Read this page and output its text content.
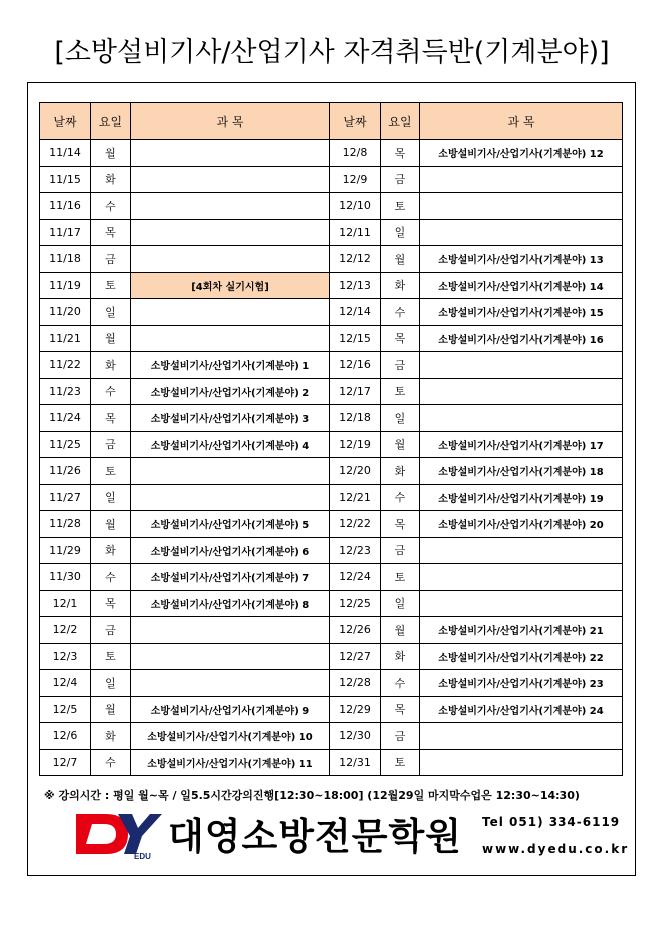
[소방설비기사/산업기사 자격취득반(기계분야)]
날짜	요일	과 목	날짜	요일	과 목
11/14	월		12/8	목	소방설비기사/산업기사(기계분야) 12
11/15	화		12/9	금	
11/16	수		12/10	토	
11/17	목		12/11	일	
11/18	금		12/12	월	소방설비기사/산업기사(기계분야) 13
11/19	토	[4회차 실기시험]	12/13	화	소방설비기사/산업기사(기계분야) 14
11/20	일		12/14	수	소방설비기사/산업기사(기계분야) 15
11/21	월		12/15	목	소방설비기사/산업기사(기계분야) 16
11/22	화	소방설비기사/산업기사(기계분야) 1	12/16	금	
11/23	수	소방설비기사/산업기사(기계분야) 2	12/17	토	
11/24	목	소방설비기사/산업기사(기계분야) 3	12/18	일	
11/25	금	소방설비기사/산업기사(기계분야) 4	12/19	월	소방설비기사/산업기사(기계분야) 17
11/26	토		12/20	화	소방설비기사/산업기사(기계분야) 18
11/27	일		12/21	수	소방설비기사/산업기사(기계분야) 19
11/28	월	소방설비기사/산업기사(기계분야) 5	12/22	목	소방설비기사/산업기사(기계분야) 20
11/29	화	소방설비기사/산업기사(기계분야) 6	12/23	금	
11/30	수	소방설비기사/산업기사(기계분야) 7	12/24	토	
12/1	목	소방설비기사/산업기사(기계분야) 8	12/25	일	
12/2	금		12/26	월	소방설비기사/산업기사(기계분야) 21
12/3	토		12/27	화	소방설비기사/산업기사(기계분야) 22
12/4	일		12/28	수	소방설비기사/산업기사(기계분야) 23
12/5	월	소방설비기사/산업기사(기계분야) 9	12/29	목	소방설비기사/산업기사(기계분야) 24
12/6	화	소방설비기사/산업기사(기계분야) 10	12/30	금	
12/7	수	소방설비기사/산업기사(기계분야) 11	12/31	토	
※ 강의시간 : 평일 월~목 / 일5.5시간강의진행[12:30~18:00] (12월29일 마지막수업은 12:30~14:30)
EDU 대영소방전문학원 Tel 051) 334-6119
www.dyedu.co.kr
